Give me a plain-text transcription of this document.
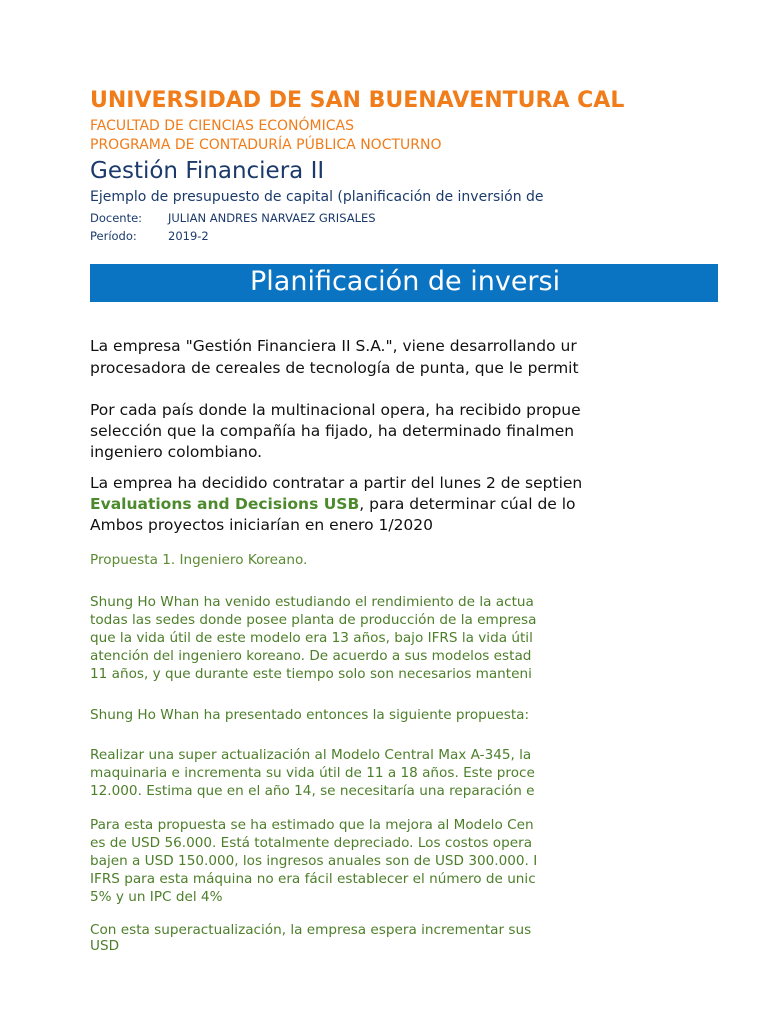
UNIVERSIDAD DE SAN BUENAVENTURA CAL
FACULTAD DE CIENCIAS ECONÓMICAS
PROGRAMA DE CONTADURÍA PÚBLICA NOCTURNO
Gestión Financiera II
Ejemplo de presupuesto de capital (planificación de inversión de
Docente: JULIAN ANDRES NARVAEZ GRISALES
Período:	2019-2
Planificación de inversi
La empresa "Gestión Financiera II S.A.", viene desarrollando ur
procesadora de cereales de tecnología de punta, que le permit
Por cada país donde la multinacional opera, ha recibido propue
selección que la compañía ha fijado, ha determinado finalmen
ingeniero colombiano.
La emprea ha decidido contratar a partir del lunes 2 de septien
Evaluations and Decisions USB, para determinar cúal de lo
Ambos proyectos iniciarían en enero 1/2020
Propuesta 1. Ingeniero Koreano.
Shung Ho Whan ha venido estudiando el rendimiento de la actua
todas las sedes donde posee planta de producción de la empresa
que la vida útil de este modelo era 13 años, bajo IFRS la vida útil
atención del ingeniero koreano. De acuerdo a sus modelos estad
11 años, y que durante este tiempo solo son necesarios manteni
Shung Ho Whan ha presentado entonces la siguiente propuesta:
Realizar una super actualización al Modelo Central Max A-345, la
maquinaria e incrementa su vida útil de 11 a 18 años. Este proce
12.000. Estima que en el año 14, se necesitaría una reparación e
Para esta propuesta se ha estimado que la mejora al Modelo Cen
es de USD 56.000. Está totalmente depreciado. Los costos opera
bajen a USD 150.000, los ingresos anuales son de USD 300.000. I
IFRS para esta máquina no era fácil establecer el número de unic
5% y un IPC del 4%
Con esta superactualización, la empresa espera incrementar sus
USD
